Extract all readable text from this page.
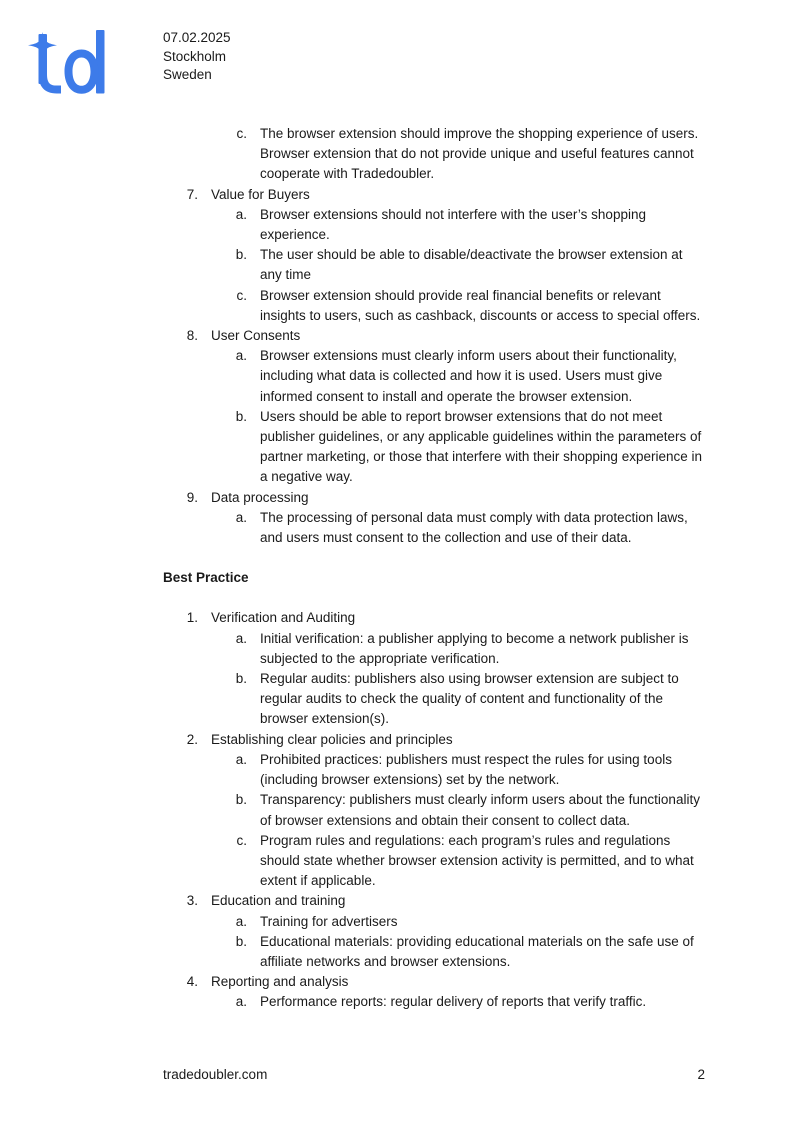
07.02.2025
Stockholm
Sweden
c. The browser extension should improve the shopping experience of users. Browser extension that do not provide unique and useful features cannot cooperate with Tradedoubler.
7. Value for Buyers
a. Browser extensions should not interfere with the user’s shopping experience.
b. The user should be able to disable/deactivate the browser extension at any time
c. Browser extension should provide real financial benefits or relevant insights to users, such as cashback, discounts or access to special offers.
8. User Consents
a. Browser extensions must clearly inform users about their functionality, including what data is collected and how it is used. Users must give informed consent to install and operate the browser extension.
b. Users should be able to report browser extensions that do not meet publisher guidelines, or any applicable guidelines within the parameters of partner marketing, or those that interfere with their shopping experience in a negative way.
9. Data processing
a. The processing of personal data must comply with data protection laws, and users must consent to the collection and use of their data.
Best Practice
1. Verification and Auditing
a. Initial verification: a publisher applying to become a network publisher is subjected to the appropriate verification.
b. Regular audits: publishers also using browser extension are subject to regular audits to check the quality of content and functionality of the browser extension(s).
2. Establishing clear policies and principles
a. Prohibited practices: publishers must respect the rules for using tools (including browser extensions) set by the network.
b. Transparency: publishers must clearly inform users about the functionality of browser extensions and obtain their consent to collect data.
c. Program rules and regulations: each program’s rules and regulations should state whether browser extension activity is permitted, and to what extent if applicable.
3. Education and training
a. Training for advertisers
b. Educational materials: providing educational materials on the safe use of affiliate networks and browser extensions.
4. Reporting and analysis
a. Performance reports: regular delivery of reports that verify traffic.
tradedoubler.com	2
